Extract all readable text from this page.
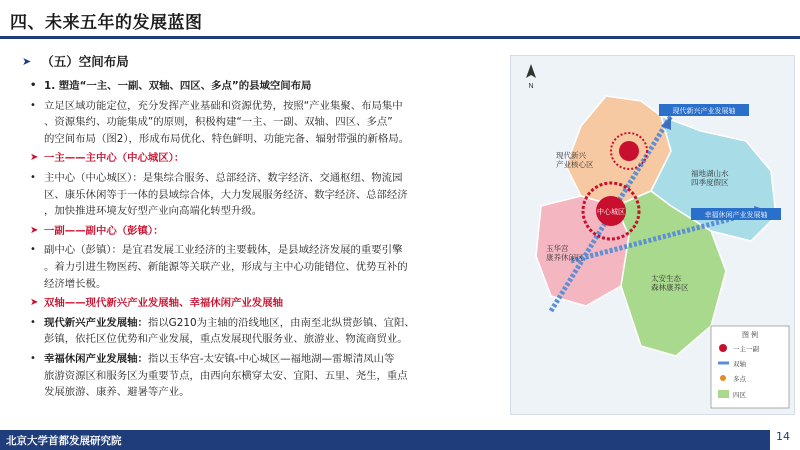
四、未来五年的发展蓝图
➤ （五）空间布局
• 1. 塑造“一主、一副、双轴、四区、多点”的县域空间布局
• 立足区域功能定位，充分发挥产业基础和资源优势，按照“产业集聚、布局集中
、资源集约、功能集成”的原则，积极构建“一主、一副、双轴、四区、多点”
的空间布局（图2），形成布局优化、特色鲜明、功能完备、辐射带强的新格局。
➤ 一主——主中心（中心城区）：
• 主中心（中心城区）：是集综合服务、总部经济、数字经济、交通枢纽、物流园
区、康乐休闲等于一体的县域综合体，大力发展服务经济、数字经济、总部经济
，加快推进环境友好型产业向高端化转型升级。
➤ 一副——副中心（彭镇）：
• 副中心（彭镇）：是宜君发展工业经济的主要载体，是县域经济发展的重要引擎
。着力引进生物医药、新能源等关联产业，形成与主中心功能错位、优势互补的
经济增长极。
➤ 双轴——现代新兴产业发展轴、幸福休闲产业发展轴
• 现代新兴产业发展轴：指以G210为主轴的沿线地区，由南至北纵贯彭镇、宜阳、
彭镇，依托区位优势和产业发展，重点发展现代服务业、旅游业、物流商贸业。
• 幸福休闲产业发展轴：指以玉华宫-太安镇-中心城区—福地湖—雷塬清凤山等
旅游资源区和服务区为重要节点，由西向东横穿太安、宜阳、五里、尧生，重点
发展旅游、康养、避暑等产业。
N
中心城区
现代新兴产业发展轴
幸福休闲产业发展轴
现代新兴产业核心区
福地湖山水四季度假区
玉华宫康养休闲区
太安生态森林康养区
图 例
一主一副
双轴
多点
四区
北京大学首都发展研究院	14
